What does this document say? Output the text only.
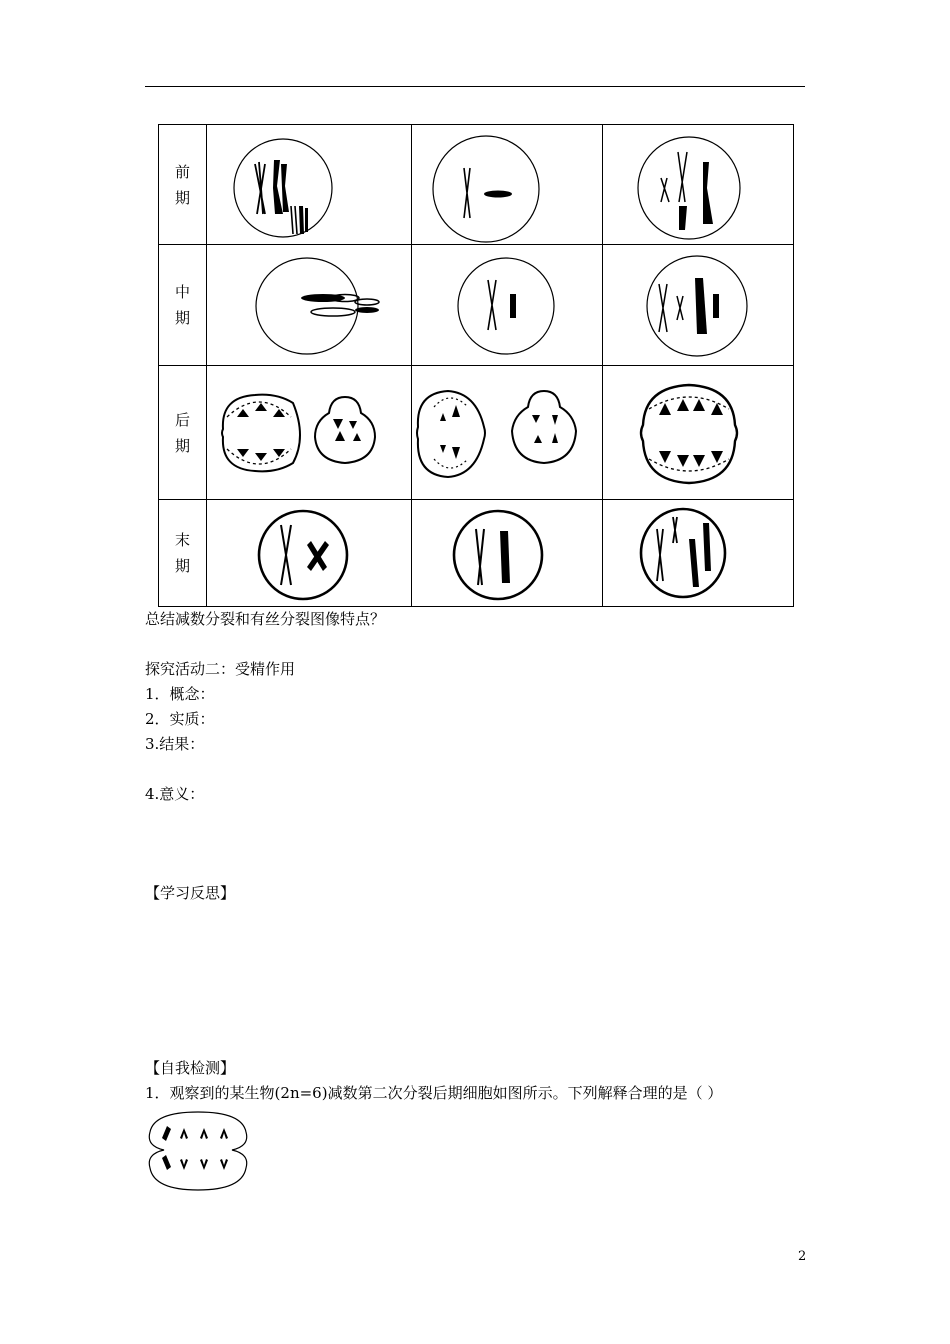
前
期

中
期

后
期

末
期

总结减数分裂和有丝分裂图像特点？
探究活动二：受精作用
1．概念：
2．实质：
3.结果：
4.意义：
【学习反思】
【自我检测】
1．观察到的某生物(2n=6)减数第二次分裂后期细胞如图所示。下列解释合理的是（ ）
2
